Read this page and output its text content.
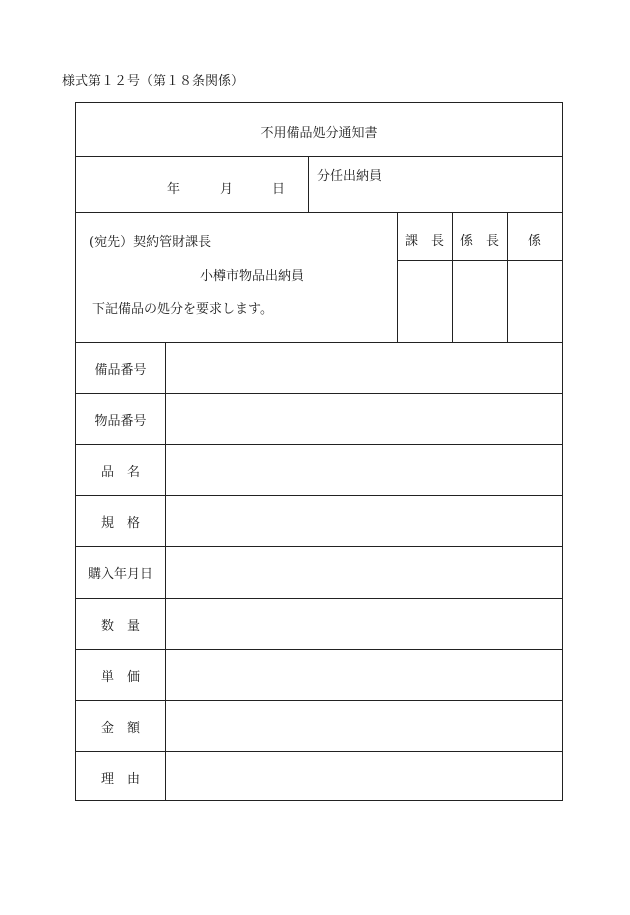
様式第１２号（第１８条関係）
不用備品処分通知書
年	月	日
分任出納員
(宛先）契約管財課長
小樽市物品出納員
下記備品の処分を要求します。
課　長	係　長	係
備品番号
物品番号
品　名
規　格
購入年月日
数　量
単　価
金　額
理　由
